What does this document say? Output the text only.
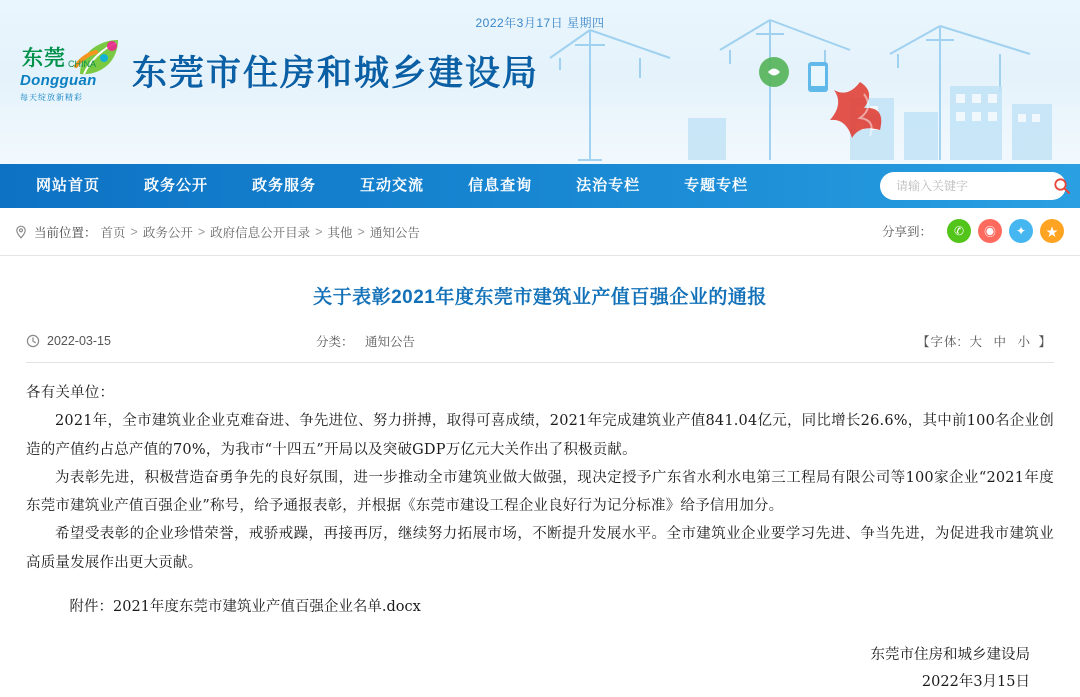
2022年3月17日 星期四
东莞 CHINA
Dongguan
每天绽放新精彩
东莞市住房和城乡建设局
网站首页	政务公开	政务服务	互动交流	信息查询	法治专栏	专题专栏
请输入关键字
当前位置： 首页 > 政务公开 > 政府信息公开目录 > 其他 > 通知公告	分享到：	✆	◉	✦	★
关于表彰2021年度东莞市建筑业产值百强企业的通报
2022-03-15	分类： 通知公告	【字体: 大 中 小 】

各有关单位：

2021年，全市建筑业企业克难奋进、争先进位、努力拼搏，取得可喜成绩，2021年完成建筑业产值841.04亿元，同比增长26.6%，其中前100名企业创造的产值约占总产值的70%，为我市“十四五”开局以及突破GDP万亿元大关作出了积极贡献。

为表彰先进，积极营造奋勇争先的良好氛围，进一步推动全市建筑业做大做强，现决定授予广东省水利水电第三工程局有限公司等100家企业“2021年度东莞市建筑业产值百强企业”称号，给予通报表彰，并根据《东莞市建设工程企业良好行为记分标准》给予信用加分。

希望受表彰的企业珍惜荣誉，戒骄戒躁，再接再厉，继续努力拓展市场，不断提升发展水平。全市建筑业企业要学习先进、争当先进，为促进我市建筑业高质量发展作出更大贡献。

附件：2021年度东莞市建筑业产值百强企业名单.docx
东莞市住房和城乡建设局
2022年3月15日
